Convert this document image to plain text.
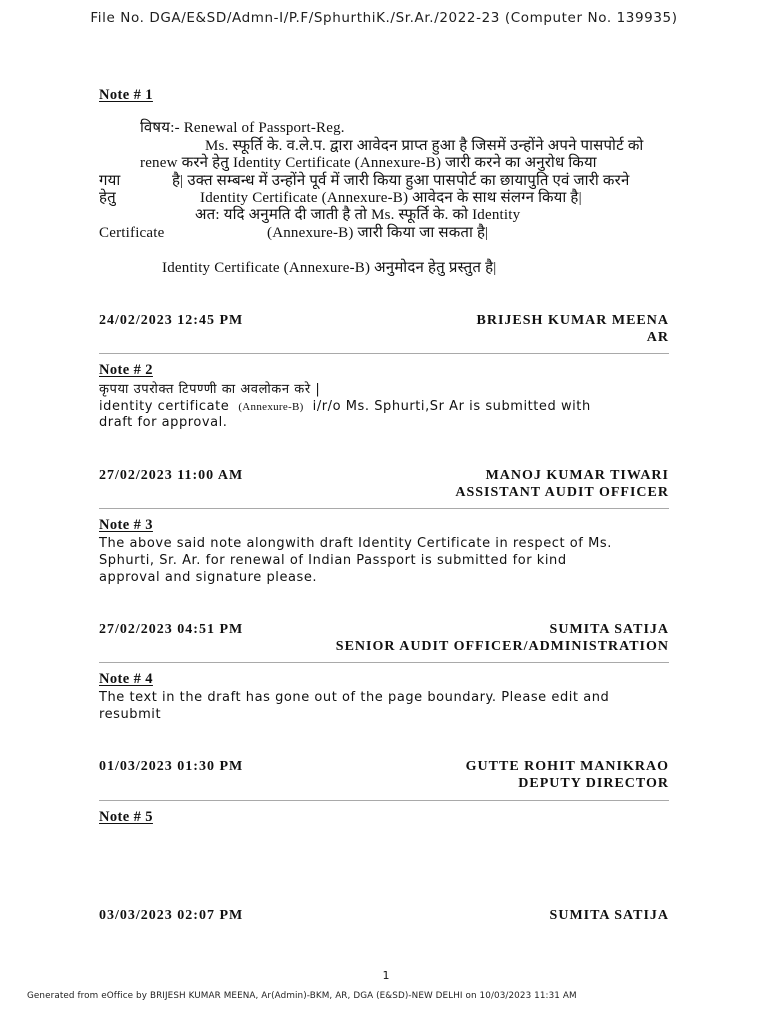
File No. DGA/E&SD/Admn-I/P.F/SphurthiK./Sr.Ar./2022-23 (Computer No. 139935)
Note # 1
विषय:- Renewal of Passport-Reg.
Ms. स्फूर्ति के. व.ले.प. द्वारा आवेदन प्राप्त हुआ है जिसमें उन्होंने अपने पासपोर्ट को
renew करने हेतु Identity Certificate (Annexure-B) जारी करने का अनुरोध किया
गया	है| उक्त सम्बन्ध में उन्होंने पूर्व में जारी किया हुआ पासपोर्ट का छायापुति एवं जारी करने
हेतु	Identity Certificate (Annexure-B) आवेदन के साथ संलग्न किया है|
अत: यदि अनुमति दी जाती है तो Ms. स्फूर्ति के. को Identity
Certificate	(Annexure-B) जारी किया जा सकता है|
Identity Certificate (Annexure-B) अनुमोदन हेतु प्रस्तुत है|
24/02/2023 12:45 PM	BRIJESH KUMAR MEENA
AR
Note # 2
कृपया उपरोक्त टिपण्णी का अवलोकन करे |
identity certificate (Annexure-B) i/r/o Ms. Sphurti,Sr Ar is submitted with
draft for approval.
27/02/2023 11:00 AM	MANOJ KUMAR TIWARI
ASSISTANT AUDIT OFFICER
Note # 3
The above said note alongwith draft Identity Certificate in respect of Ms.
Sphurti, Sr. Ar. for renewal of Indian Passport is submitted for kind
approval and signature please.
27/02/2023 04:51 PM	SUMITA SATIJA
SENIOR AUDIT OFFICER/ADMINISTRATION
Note # 4
The text in the draft has gone out of the page boundary. Please edit and
resubmit
01/03/2023 01:30 PM	GUTTE ROHIT MANIKRAO
DEPUTY DIRECTOR
Note # 5
03/03/2023 02:07 PM	SUMITA SATIJA
1
Generated from eOffice by BRIJESH KUMAR MEENA, Ar(Admin)-BKM, AR, DGA (E&SD)-NEW DELHI on 10/03/2023 11:31 AM
